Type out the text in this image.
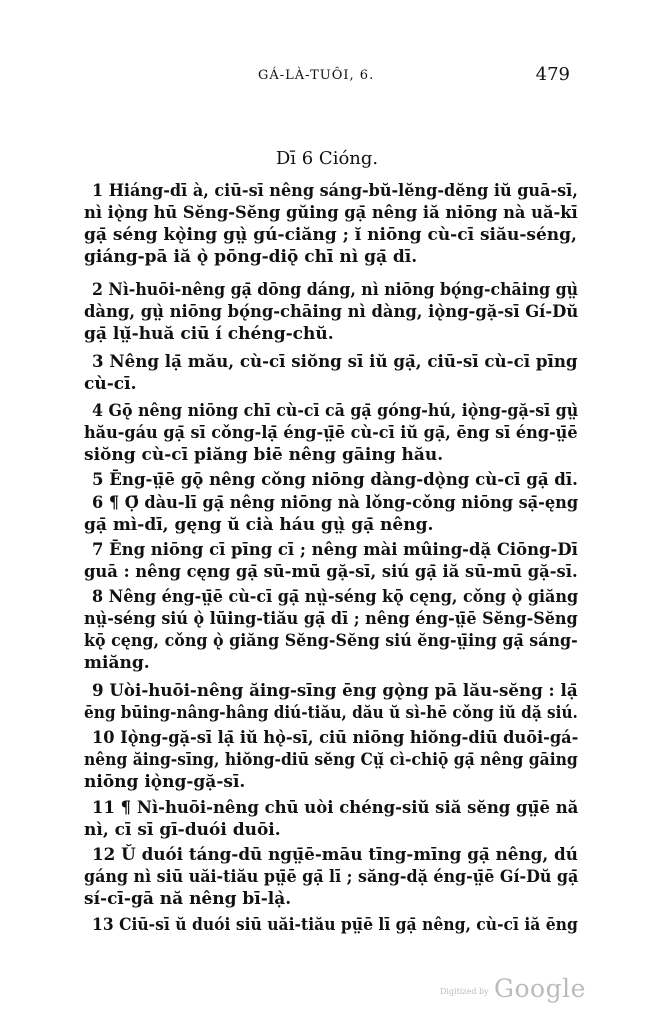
GÁ-LÀ-TUÔI, 6.	479
Dī 6 Cióng.
1 Hiáng-dī à, ciū-sī nêng sáng-bŭ-lĕng-dĕng iŭ guā-sī,
nì iǫ̀ng hū Sĕng-Sĕng gŭing gạ̄ nêng iă niōng nà uă-kī
gạ̄ séng kǫ̀ing gṳ̀ gú-ciăng ; ĭ niōng cù-cī siău-séng,
giáng-pā iă ǫ̀ pōng-diǭ chī nì gạ̄ dī.
2 Nì-huōi-nêng gạ̄ dōng dáng, nì niōng bǫ́ng-chāing gṳ̀
dàng, gṳ̀ niōng bǫ́ng-chāing nì dàng, iǫ̀ng-gặ-sī Gí-Dŭ
gạ̄ lṳ̆-huă ciū í chéng-chŭ.
3 Nêng lạ̄ mău, cù-cī siŏng sī iŭ gạ̄, ciū-sī cù-cī pīng
cù-cī.
4 Gǭ nêng niōng chī cù-cī cā gạ̄ góng-hú, iǫ̀ng-gặ-sī gṳ̀
hău-gáu gạ̄ sī cǒng-lạ̄ éng-ṳ̄ē cù-cī iŭ gạ̄, ēng sī éng-ṳ̄ē
siŏng cù-cī piăng biē nêng gāing hău.
5 Ēng-ṳ̄ē gǭ nêng cǒng niōng dàng-dǫ̀ng cù-cī gạ̄ dī.
6 ¶ Ọ̄ dàu-lī gạ̄ nêng niōng nà lǒng-cǒng niōng sạ̄-ęng
gạ̄ mì-dī, gęng ŭ cià háu gṳ̀ gạ̄ nêng.
7 Ēng niōng cī pīng cī ; nêng mài mûing-dặ Ciōng-Dī
guā : nêng cęng gạ̄ sū-mū gặ-sī, siú gạ̄ iă sū-mū gặ-sī.
8 Nêng éng-ṳ̄ē cù-cī gạ̄ nṳ̀-séng kǭ cęng, cǒng ǫ̀ giăng
nṳ̀-séng siú ǫ̀ lūing-tiău gạ̄ dī ; nêng éng-ṳ̄ē Sĕng-Sĕng
kǭ cęng, cǒng ǫ̀ giăng Sĕng-Sĕng siú ĕng-ṳ̄ing gạ̄ sáng-
miăng.
9 Uòi-huōi-nêng ăing-sīng ēng gǫ̀ng pā lău-sĕng : lạ̄
ēng būing-nâng-hâng diú-tiău, dău ŭ sì-hē cǒng iŭ dặ siú.
10 Iǫ̀ng-gặ-sī lạ̄ iŭ hǫ̀-sī, ciū niōng hiŏng-diū duōi-gá-
nêng ăing-sīng, hiŏng-diū sĕng Cṳ̆ cì-chiǭ gạ̄ nêng gāing
niōng iǫ̀ng-gặ-sī.
11 ¶ Nì-huōi-nêng chū uòi chéng-siŭ siă sĕng gṳ̄ē nă
nì, cī sī gī-duói duōi.
12 Ŭ duói táng-dū ngṳ̄ē-māu tīng-mīng gạ̄ nêng, dú
gáng nì siū uăi-tiău pṳ̄ē gạ̄ lī ; săng-dặ éng-ṳ̄ē Gí-Dŭ gạ̄
sí-cī-gā nă nêng bī-lạ̀.
13 Ciū-sī ŭ duói siū uăi-tiău pṳ̄ē lī gạ̄ nêng, cù-cī iă ēng
Digitized by Google
